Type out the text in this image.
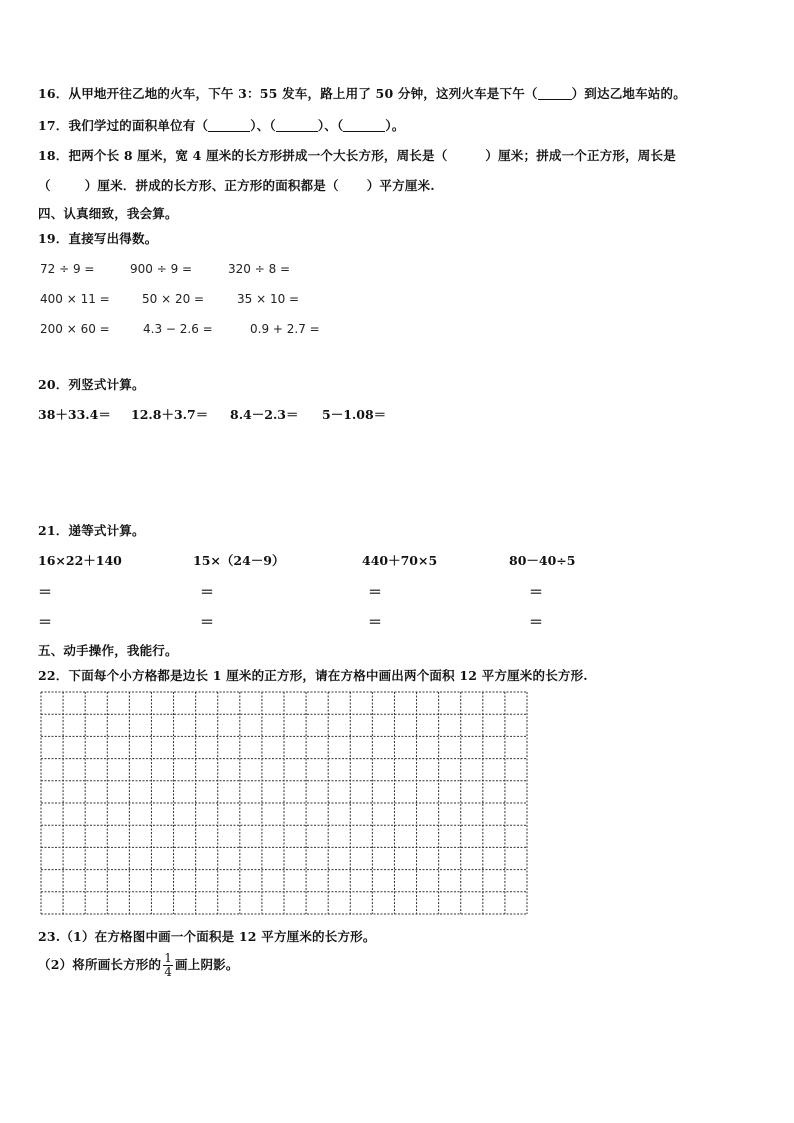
16．从甲地开往乙地的火车，下午 3：55 发车，路上用了 50 分钟，这列火车是下午（	）到达乙地车站的。
17．我们学过的面积单位有（	）、（	）、（	）。
18．把两个长 8 厘米，宽 4 厘米的长方形拼成一个大长方形，周长是（	）厘米；拼成一个正方形，周长是
（	）厘米．拼成的长方形、正方形的面积都是（ ）平方厘米.
四、认真细致，我会算。
19．直接写出得数。
72 ÷ 9 =	900 ÷ 9 =	320 ÷ 8 =
400 × 11 =	50 × 20 =	35 × 10 =
200 × 60 =	4.3 − 2.6 =	0.9 + 2.7 =
20．列竖式计算。
38＋33.4＝ 12.8＋3.7＝ 8.4－2.3＝ 5－1.08＝
21．递等式计算。
16×22＋140	15×（24－9）	440＋70×5	80－40÷5
＝	＝	＝	＝
＝	＝	＝	＝
五、动手操作，我能行。
22．下面每个小方格都是边长 1 厘米的正方形，请在方格中画出两个面积 12 平方厘米的长方形.
23.（1）在方格图中画一个面积是 12 平方厘米的长方形。
（2）将所画长方形的 $\frac{1}{4}$ 画上阴影。
